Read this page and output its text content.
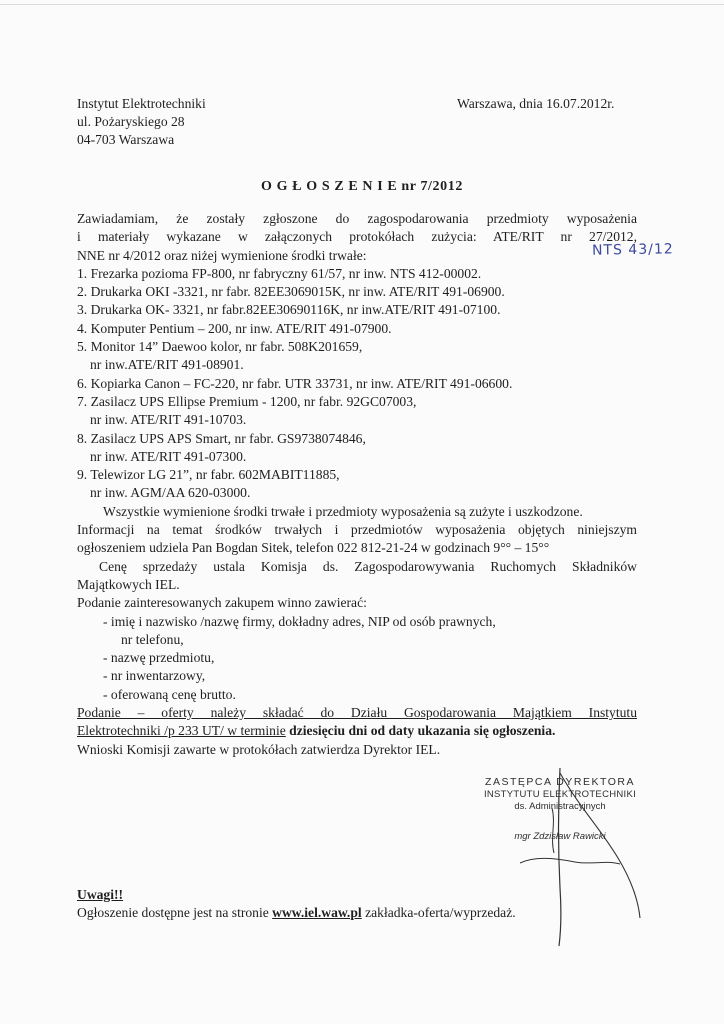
Instytut Elektrotechniki
ul. Pożaryskiego 28
04-703 Warszawa
Warszawa, dnia 16.07.2012r.
O G Ł O S Z E N I E nr 7/2012
NTS 43/12
Zawiadamiam, że zostały zgłoszone do zagospodarowania przedmioty wyposażenia
i materiały wykazane w załączonych protokółach zużycia: ATE/RIT nr 27/2012,
NNE nr 4/2012 oraz niżej wymienione środki trwałe:
1. Frezarka pozioma FP-800, nr fabryczny 61/57, nr inw. NTS 412-00002.
2. Drukarka OKI -3321, nr fabr. 82EE3069015K, nr inw. ATE/RIT 491-06900.
3. Drukarka OK- 3321, nr fabr.82EE30690116K, nr inw.ATE/RIT 491-07100.
4. Komputer Pentium – 200, nr inw. ATE/RIT 491-07900.
5. Monitor 14” Daewoo kolor, nr fabr. 508K201659,
nr inw.ATE/RIT 491-08901.
6. Kopiarka Canon – FC-220, nr fabr. UTR 33731, nr inw. ATE/RIT 491-06600.
7. Zasilacz UPS Ellipse Premium - 1200, nr fabr. 92GC07003,
nr inw. ATE/RIT 491-10703.
8. Zasilacz UPS APS Smart, nr fabr. GS9738074846,
nr inw. ATE/RIT 491-07300.
9. Telewizor LG 21”, nr fabr. 602MABIT11885,
nr inw. AGM/AA 620-03000.
Wszystkie wymienione środki trwałe i przedmioty wyposażenia są zużyte i uszkodzone.
Informacji na temat środków trwałych i przedmiotów wyposażenia objętych niniejszym
ogłoszeniem udziela Pan Bogdan Sitek, telefon 022 812-21-24 w godzinach 9°° – 15°°
Cenę sprzedaży ustala Komisja ds. Zagospodarowywania Ruchomych Składników
Majątkowych IEL.
Podanie zainteresowanych zakupem winno zawierać:
- imię i nazwisko /nazwę firmy, dokładny adres, NIP od osób prawnych,
nr telefonu,
- nazwę przedmiotu,
- nr inwentarzowy,
- oferowaną cenę brutto.
Podanie – oferty należy składać do Działu Gospodarowania Majątkiem Instytutu
Elektrotechniki /p 233 UT/ w terminie dziesięciu dni od daty ukazania się ogłoszenia.
Wnioski Komisji zawarte w protokółach zatwierdza Dyrektor IEL.
ZASTĘPCA DYREKTORA
INSTYTUTU ELEKTROTECHNIKI
ds. Administracyjnych
mgr Zdzisław Rawicki
Uwagi!!
Ogłoszenie dostępne jest na stronie www.iel.waw.pl zakładka-oferta/wyprzedaż.
